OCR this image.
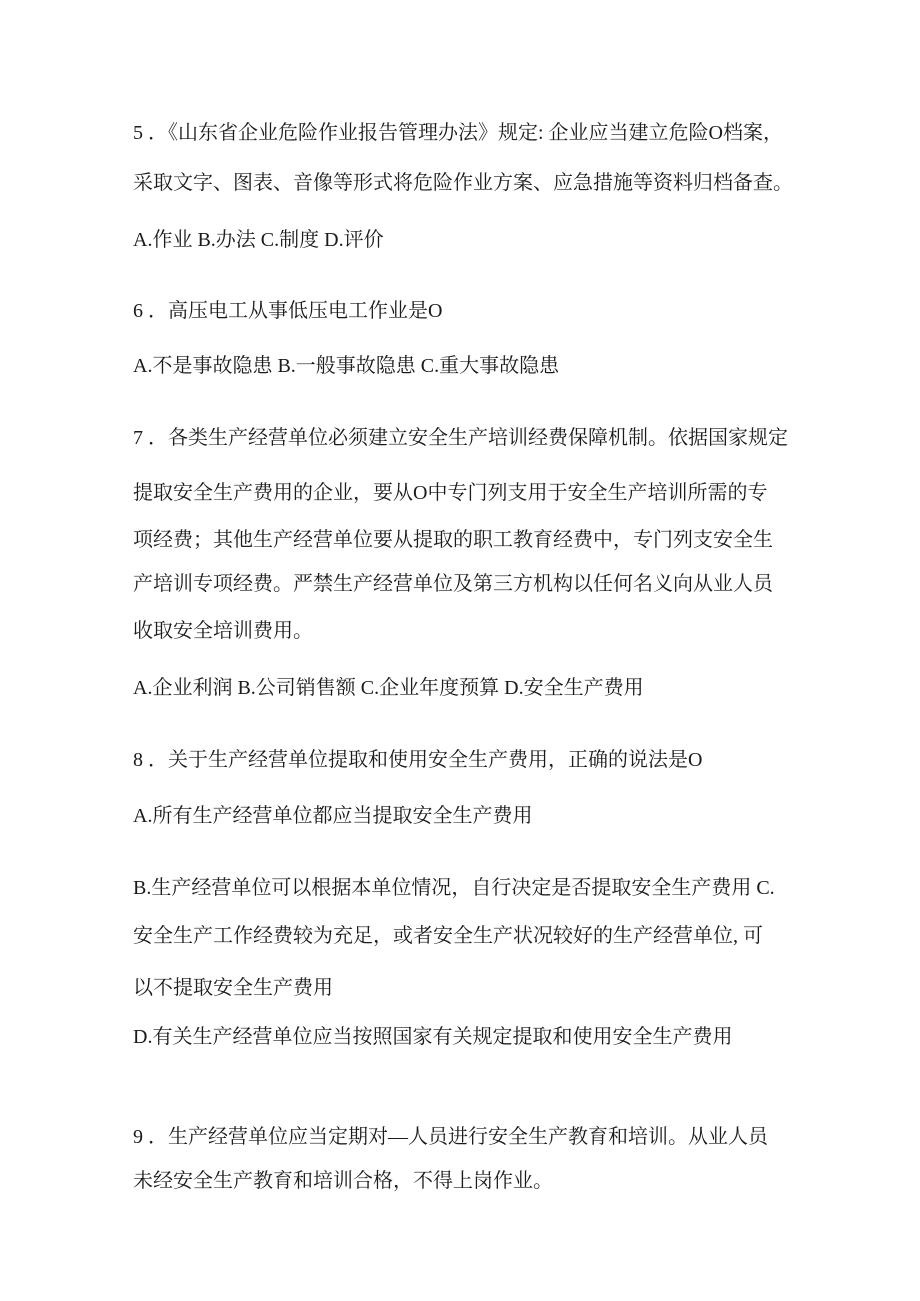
5 ．《山东省企业危险作业报告管理办法》规定: 企业应当建立危险O档案，
采取文字、图表、音像等形式将危险作业方案、应急措施等资料归档备查。
A.作业 B.办法 C.制度 D.评价
6 ．高压电工从事低压电工作业是O
A.不是事故隐患 B.一般事故隐患 C.重大事故隐患
7 ．各类生产经营单位必须建立安全生产培训经费保障机制。依据国家规定
提取安全生产费用的企业，要从O中专门列支用于安全生产培训所需的专
项经费；其他生产经营单位要从提取的职工教育经费中，专门列支安全生
产培训专项经费。严禁生产经营单位及第三方机构以任何名义向从业人员
收取安全培训费用。
A.企业利润 B.公司销售额 C.企业年度预算 D.安全生产费用
8 ．关于生产经营单位提取和使用安全生产费用，正确的说法是O
A.所有生产经营单位都应当提取安全生产费用
B.生产经营单位可以根据本单位情况，自行决定是否提取安全生产费用 C.
安全生产工作经费较为充足，或者安全生产状况较好的生产经营单位, 可
以不提取安全生产费用
D.有关生产经营单位应当按照国家有关规定提取和使用安全生产费用
9 ．生产经营单位应当定期对—人员进行安全生产教育和培训。从业人员
未经安全生产教育和培训合格，不得上岗作业。
